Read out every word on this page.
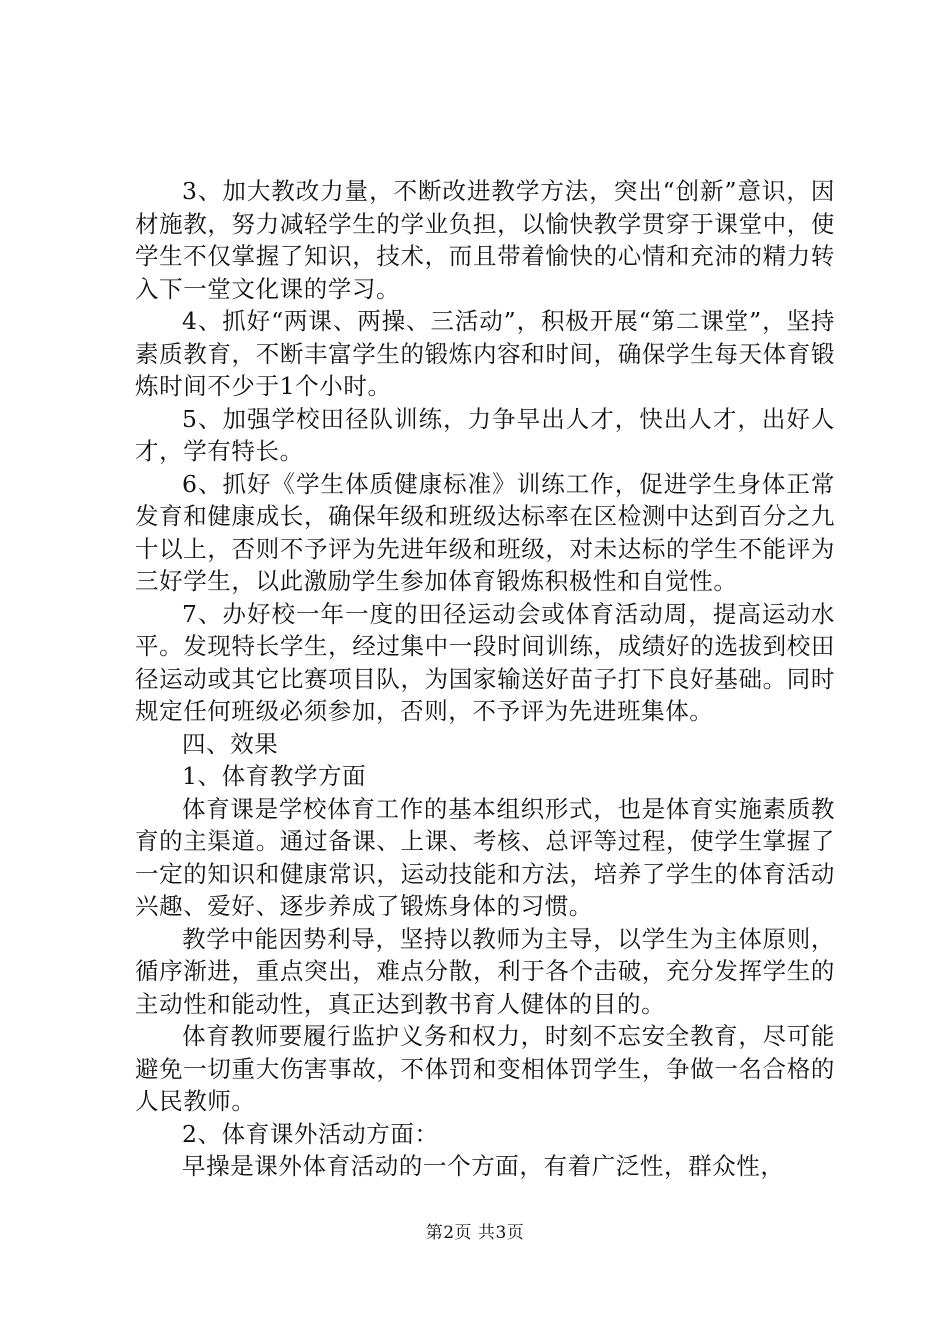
3、加大教改力量，不断改进教学方法，突出“创新”意识，因材施教，努力减轻学生的学业负担，以愉快教学贯穿于课堂中，使学生不仅掌握了知识，技术，而且带着愉快的心情和充沛的精力转入下一堂文化课的学习。

4、抓好“两课、两操、三活动”，积极开展“第二课堂”，坚持素质教育，不断丰富学生的锻炼内容和时间，确保学生每天体育锻炼时间不少于1个小时。

5、加强学校田径队训练，力争早出人才，快出人才，出好人才，学有特长。

6、抓好《学生体质健康标准》训练工作，促进学生身体正常发育和健康成长，确保年级和班级达标率在区检测中达到百分之九十以上，否则不予评为先进年级和班级，对未达标的学生不能评为三好学生，以此激励学生参加体育锻炼积极性和自觉性。

7、办好校一年一度的田径运动会或体育活动周，提高运动水平。发现特长学生，经过集中一段时间训练，成绩好的选拔到校田径运动或其它比赛项目队，为国家输送好苗子打下良好基础。同时规定任何班级必须参加，否则，不予评为先进班集体。

四、效果

1、体育教学方面

体育课是学校体育工作的基本组织形式，也是体育实施素质教育的主渠道。通过备课、上课、考核、总评等过程，使学生掌握了一定的知识和健康常识，运动技能和方法，培养了学生的体育活动兴趣、爱好、逐步养成了锻炼身体的习惯。

教学中能因势利导，坚持以教师为主导，以学生为主体原则，循序渐进，重点突出，难点分散，利于各个击破，充分发挥学生的主动性和能动性，真正达到教书育人健体的目的。

体育教师要履行监护义务和权力，时刻不忘安全教育，尽可能避免一切重大伤害事故，不体罚和变相体罚学生，争做一名合格的人民教师。

2、体育课外活动方面：

早操是课外体育活动的一个方面，有着广泛性，群众性，

第2页 共3页
